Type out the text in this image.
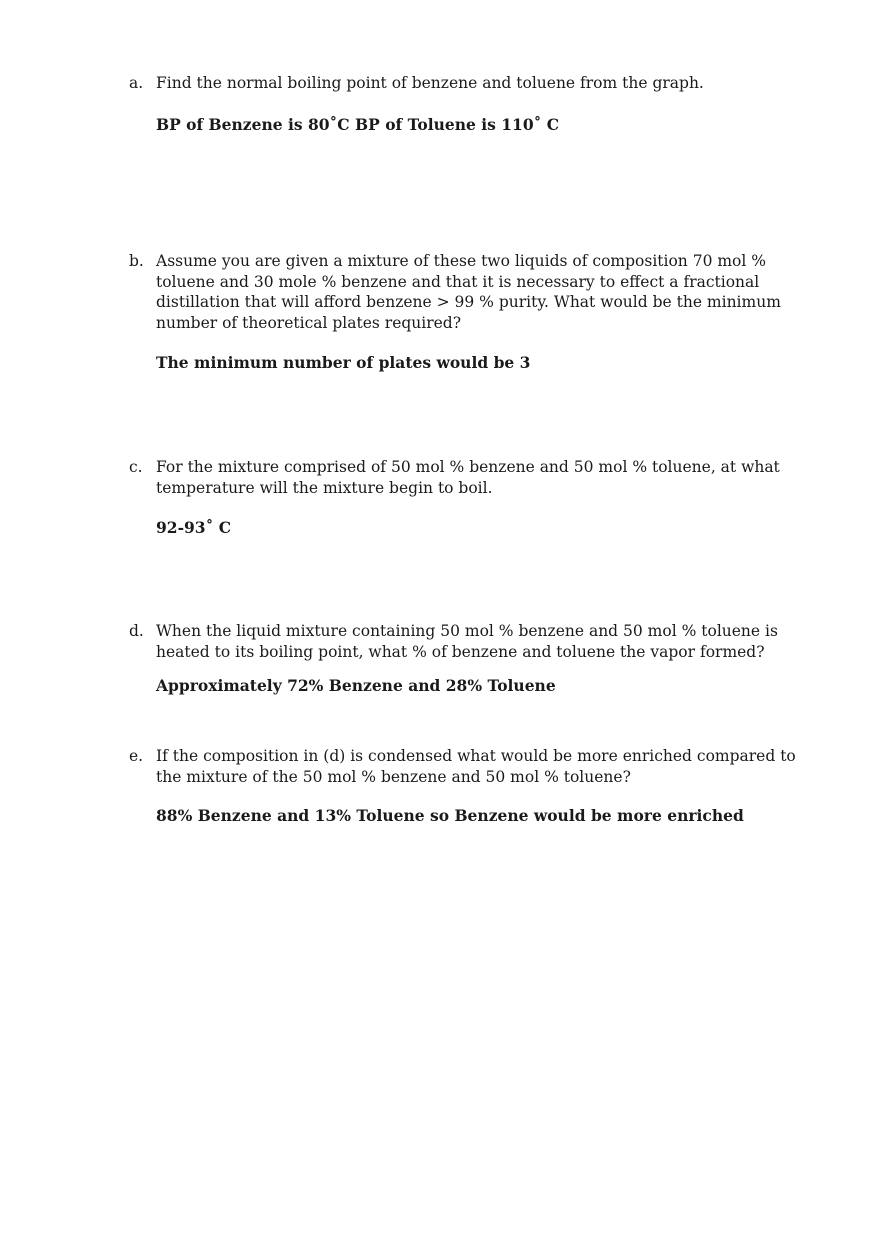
a. Find the normal boiling point of benzene and toluene from the graph.

BP of Benzene is 80˚C BP of Toluene is 110˚ C

b. Assume you are given a mixture of these two liquids of composition 70 mol % toluene and 30 mole % benzene and that it is necessary to effect a fractional distillation that will afford benzene > 99 % purity. What would be the minimum number of theoretical plates required?

The minimum number of plates would be 3

c. For the mixture comprised of 50 mol % benzene and 50 mol % toluene, at what temperature will the mixture begin to boil.

92-93˚ C

d. When the liquid mixture containing 50 mol % benzene and 50 mol % toluene is heated to its boiling point, what % of benzene and toluene the vapor formed?

Approximately 72% Benzene and 28% Toluene

e. If the composition in (d) is condensed what would be more enriched compared to the mixture of the 50 mol % benzene and 50 mol % toluene?

88% Benzene and 13% Toluene so Benzene would be more enriched
